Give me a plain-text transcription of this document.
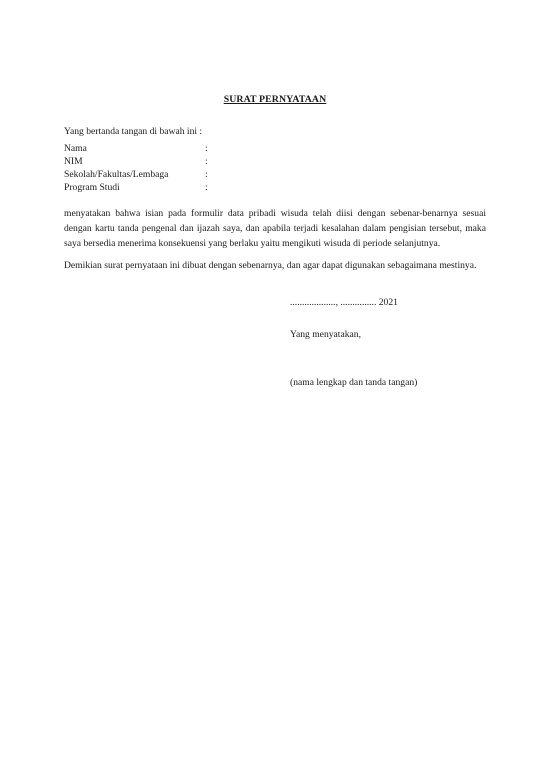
SURAT PERNYATAAN
Yang bertanda tangan di bawah ini :
Nama	:
NIM	:
Sekolah/Fakultas/Lembaga	:
Program Studi	:
menyatakan bahwa isian pada formulir data pribadi wisuda telah diisi dengan sebenar-benarnya sesuai dengan kartu tanda pengenal dan ijazah saya, dan apabila terjadi kesalahan dalam pengisian tersebut, maka saya bersedia menerima konsekuensi yang berlaku yaitu mengikuti wisuda di periode selanjutnya.
Demikian surat pernyataan ini dibuat dengan sebenarnya, dan agar dapat digunakan sebagaimana mestinya.
..................., ............... 2021
Yang menyatakan,
(nama lengkap dan tanda tangan)
